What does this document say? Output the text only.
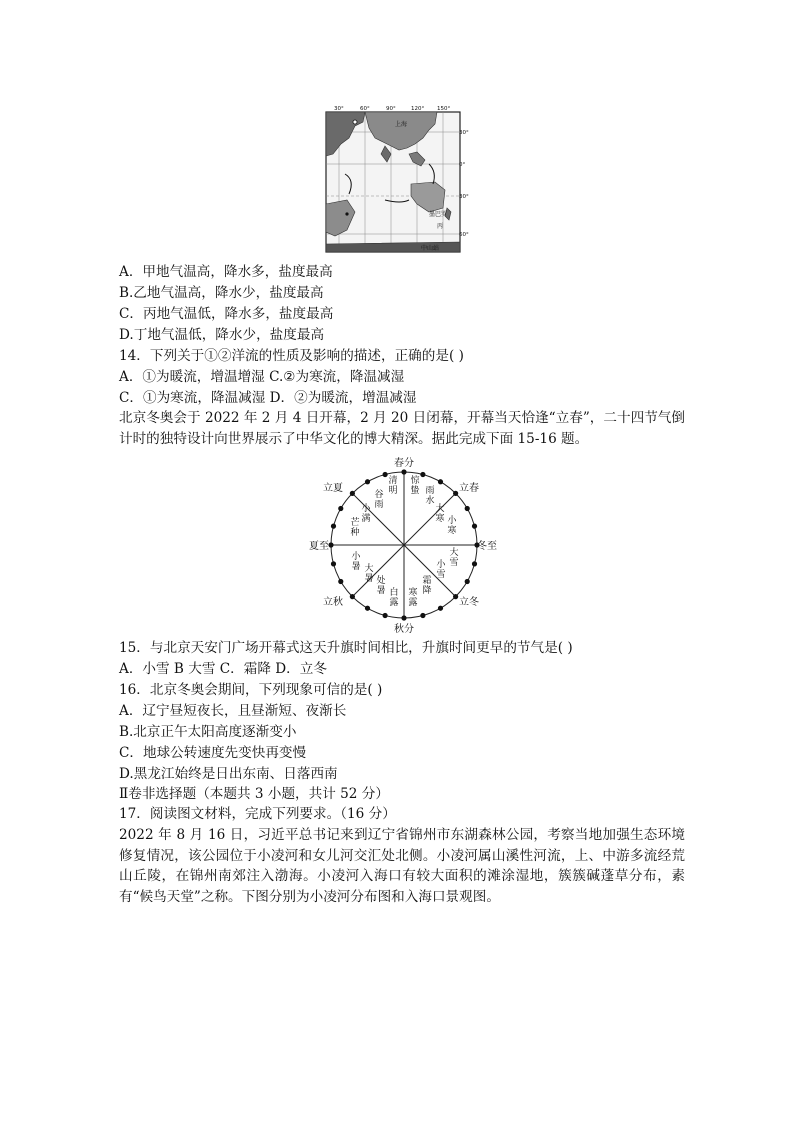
30°	60°	90°	120° 150°
30°
0°
30°
60°
上海
墨巴罗
丙
中山站
A．甲地气温高，降水多，盐度最高
B.乙地气温高，降水少，盐度最高
C．丙地气温低，降水多，盐度最高
D.丁地气温低，降水少，盐度最高
14．下列关于①②洋流的性质及影响的描述，正确的是( )
A．①为暖流，增温增湿 C.②为寒流，降温减湿
C．①为寒流，降温减湿 D．②为暖流，增温减湿
北京冬奥会于 2022 年 2 月 4 日开幕，2 月 20 日闭幕，开幕当天恰逢“立春”，二十四节气倒计时的独特设计向世界展示了中华文化的博大精深。据此完成下面 15-16 题。
春分
秋分
夏至	冬至
立春
立夏
立秋	立冬
清明
谷雨
惊蛰 雨水
大寒 小寒
小满
芒种
大雪
小雪
小暑 大暑 处暑 白露
霜降
寒露
15．与北京天安门广场开幕式这天升旗时间相比，升旗时间更早的节气是( )
A．小雪 B 大雪 C．霜降 D．立冬
16．北京冬奥会期间，下列现象可信的是( )
A．辽宁昼短夜长，且昼渐短、夜渐长
B.北京正午太阳高度逐渐变小
C．地球公转速度先变快再变慢
D.黑龙江始终是日出东南、日落西南
Ⅱ卷非选择题（本题共 3 小题，共计 52 分）
17．阅读图文材料，完成下列要求。（16 分）
2022 年 8 月 16 日，习近平总书记来到辽宁省锦州市东湖森林公园，考察当地加强生态环境修复情况，该公园位于小凌河和女儿河交汇处北侧。小凌河属山溪性河流，上、中游多流经荒山丘陵，在锦州南郊注入渤海。小凌河入海口有较大面积的滩涂湿地，簇簇碱蓬草分布，素有“候鸟天堂”之称。下图分别为小凌河分布图和入海口景观图。
